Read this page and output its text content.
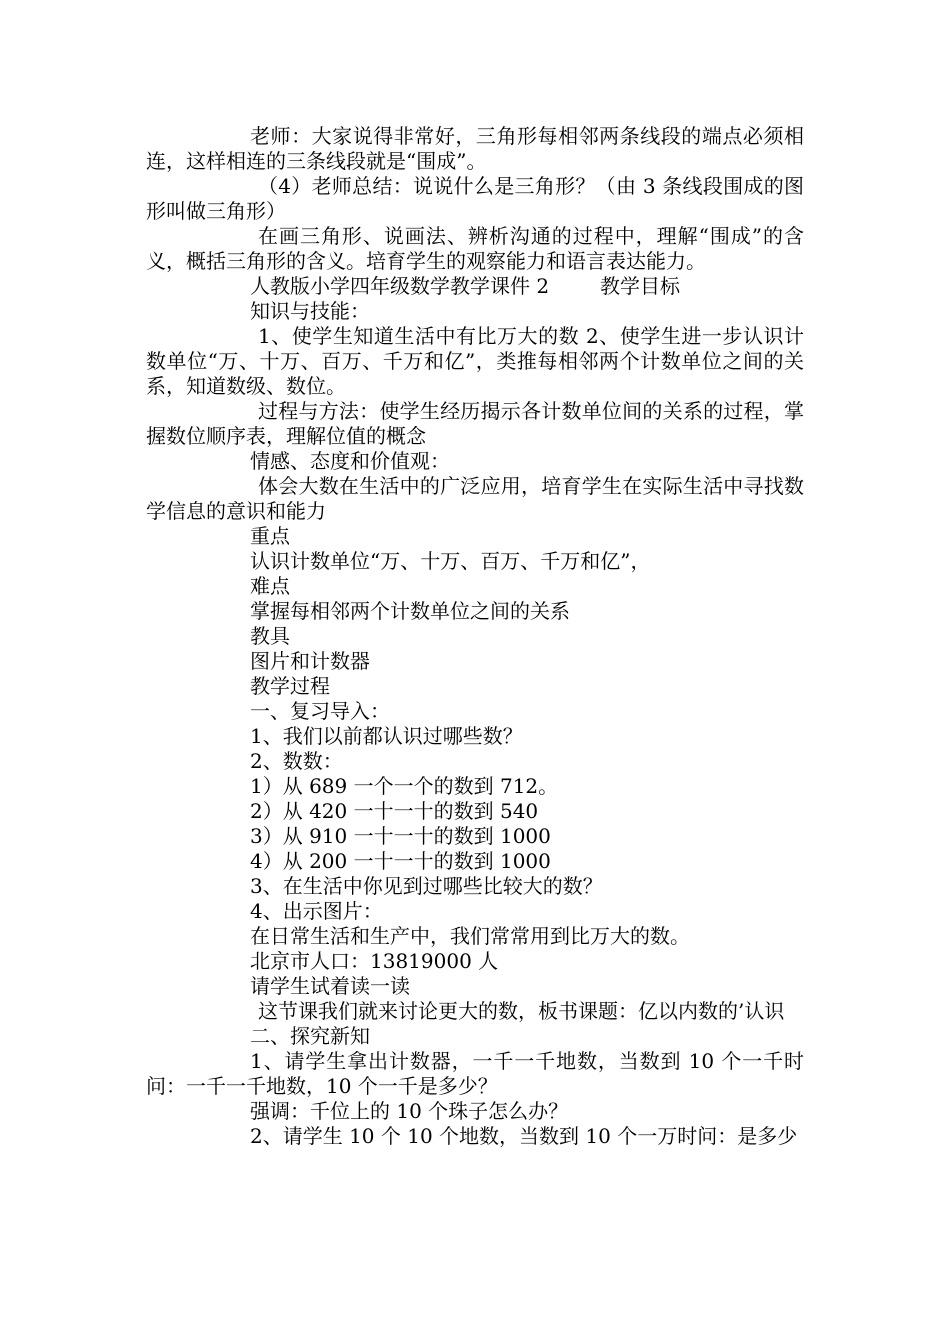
老师：大家说得非常好，三角形每相邻两条线段的端点必须相连，这样相连的三条线段就是“围成”。

（4）老师总结：说说什么是三角形？（由 3 条线段围成的图形叫做三角形）

在画三角形、说画法、辨析沟通的过程中，理解“围成”的含义，概括三角形的含义。培育学生的观察能力和语言表达能力。

人教版小学四年级数学教学课件 2        教学目标

知识与技能：

1、使学生知道生活中有比万大的数 2、使学生进一步认识计数单位“万、十万、百万、千万和亿”，类推每相邻两个计数单位之间的关系，知道数级、数位。

过程与方法：使学生经历揭示各计数单位间的关系的过程，掌握数位顺序表，理解位值的概念

情感、态度和价值观：

体会大数在生活中的广泛应用，培育学生在实际生活中寻找数学信息的意识和能力

重点

认识计数单位“万、十万、百万、千万和亿”，

难点

掌握每相邻两个计数单位之间的关系

教具

图片和计数器

教学过程

一、复习导入：

1、我们以前都认识过哪些数？

2、数数：

1）从 689 一个一个的数到 712。

2）从 420 一十一十的数到 540

3）从 910 一十一十的数到 1000

4）从 200 一十一十的数到 1000

3、在生活中你见到过哪些比较大的数？

4、出示图片：

在日常生活和生产中，我们常常用到比万大的数。

北京市人口：13819000 人

请学生试着读一读

这节课我们就来讨论更大的数，板书课题：亿以内数的’认识

二、探究新知

1、请学生拿出计数器，一千一千地数，当数到 10 个一千时问：一千一千地数，10 个一千是多少？

强调：千位上的 10 个珠子怎么办？

2、请学生 10 个 10 个地数，当数到 10 个一万时问：是多少
